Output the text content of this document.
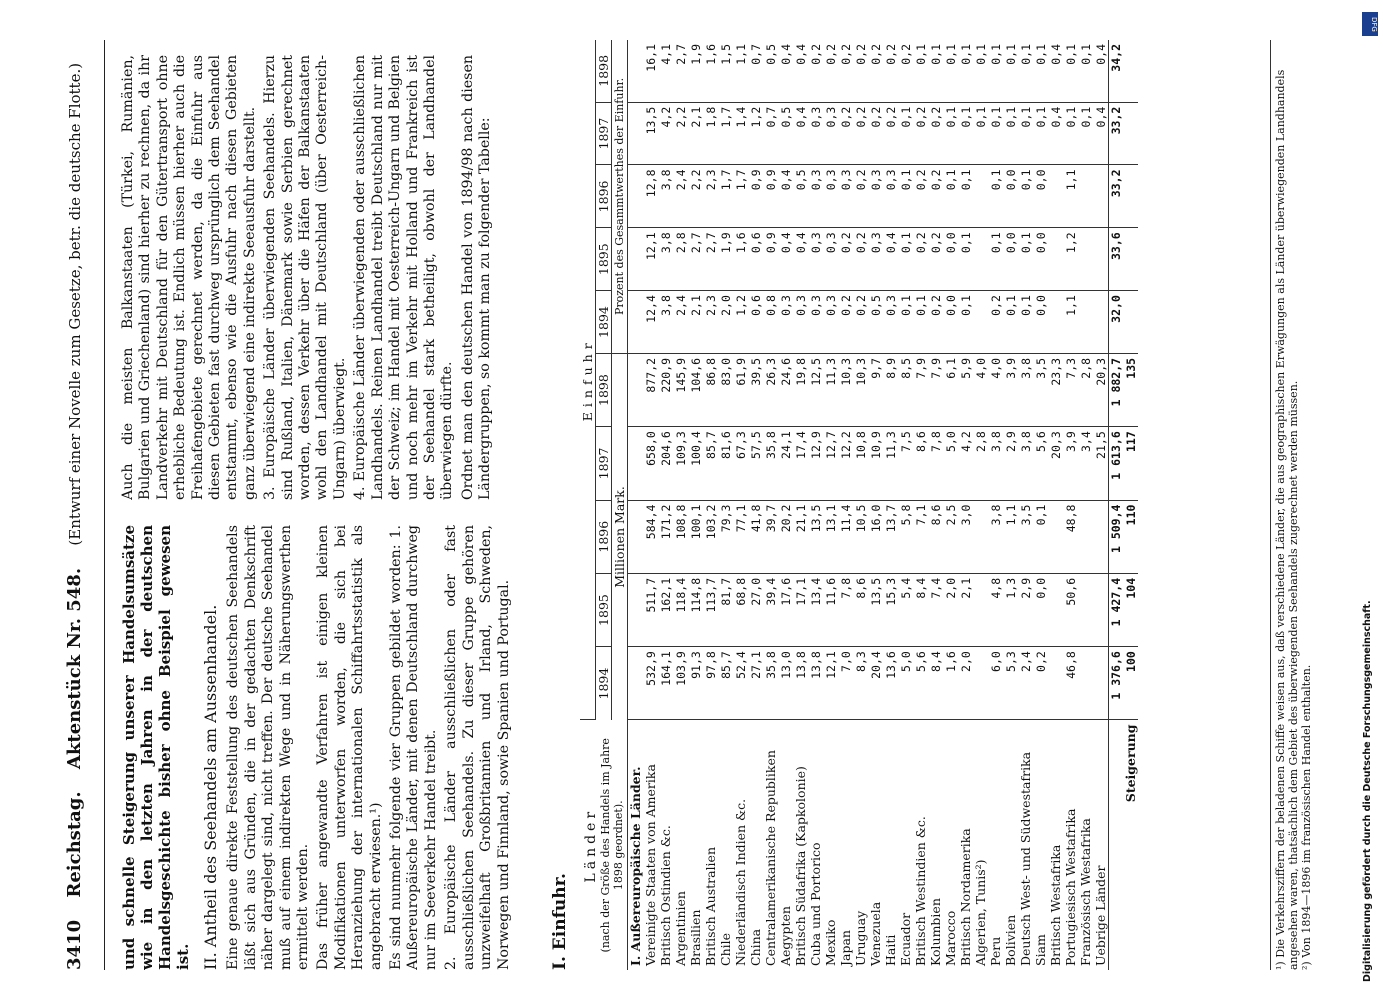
3410 Reichstag. Aktenstück Nr. 548. (Entwurf einer Novelle zum Gesetze, betr. die deutsche Flotte.)

und schnelle Steigerung unserer Handelsumsätze wie in den letzten Jahren in der deutschen Handelsgeschichte bisher ohne Beispiel gewesen ist. II. Antheil des Seehandels am Aussenhandel. Eine genaue direkte Feststellung des deutschen Seehandels läßt sich aus Gründen, die in der gedachten Denkschrift näher dargelegt sind, nicht treffen. Der deutsche Seehandel muß auf einem indirekten Wege und in Näherungswerthen ermittelt werden. Das früher angewandte Verfahren ist einigen kleinen Modifikationen unterworfen worden, die sich bei Heranziehung der internationalen Schiffahrtsstatistik als angebracht erwiesen.¹) Es sind nunmehr folgende vier Gruppen gebildet worden: 1. Außereuropäische Länder, mit denen Deutschland durchweg nur im Seeverkehr Handel treibt. 2. Europäische Länder ausschließlichen oder fast ausschließlichen Seehandels. Zu dieser Gruppe gehören unzweifelhaft Großbritannien und Irland, Schweden, Norwegen und Finnland, sowie Spanien und Portugal.

Auch die meisten Balkanstaaten (Türkei, Rumänien, Bulgarien und Griechenland) sind hierher zu rechnen, da ihr Landverkehr mit Deutschland für den Gütertransport ohne erhebliche Bedeutung ist. Endlich müssen hierher auch die Freihafengebiete gerechnet werden, da die Einfuhr aus diesen Gebieten fast durchweg ursprünglich dem Seehandel entstammt, ebenso wie die Ausfuhr nach diesen Gebieten ganz überwiegend eine indirekte Seeausfuhr darstellt. 3. Europäische Länder überwiegenden Seehandels. Hierzu sind Rußland, Italien, Dänemark sowie Serbien gerechnet worden, dessen Verkehr über die Häfen der Balkanstaaten wohl den Landhandel mit Deutschland (über Oesterreich-Ungarn) überwiegt. 4. Europäische Länder überwiegenden oder ausschließlichen Landhandels. Reinen Landhandel treibt Deutschland nur mit der Schweiz; im Handel mit Oesterreich-Ungarn und Belgien und noch mehr im Verkehr mit Holland und Frankreich ist der Seehandel stark betheiligt, obwohl der Landhandel überwiegen dürfte. Ordnet man den deutschen Handel von 1894/98 nach diesen Ländergruppen, so kommt man zu folgender Tabelle:

I. Einfuhr.
Länder (nach der Größe des Handels im Jahre 1898 geordnet).	Einfuhr									
	1894	1895	1896	1897	1898	1894	1895	1896	1897	1898
	Millionen Mark.					Prozent des Gesammtwerthes der Einfuhr.				
I. Außereuropäische Länder.										
Vereinigte Staaten von Amerika	532,9	511,7	584,4	658,0	877,2	12,4	12,1	12,8	13,5	16,1
Britisch Ostindien &c.	164,1	162,1	171,2	204,6	220,9	3,8	3,8	3,8	4,2	4,1
Argentinien	103,9	118,4	108,8	109,3	145,9	2,4	2,8	2,4	2,2	2,7
Brasilien	91,3	114,8	100,1	100,4	104,6	2,1	2,7	2,2	2,1	1,9
Britisch Australien	97,8	113,7	103,2	85,7	86,8	2,3	2,7	2,3	1,8	1,6
Chile	85,7	81,7	79,3	81,6	83,0	2,0	1,9	1,7	1,7	1,5
Niederländisch Indien &c.	52,4	68,8	77,1	67,3	61,9	1,2	1,6	1,7	1,4	1,1
China	27,1	27,0	41,8	57,5	39,5	0,6	0,6	0,9	1,2	0,7
Centralamerikanische Republiken	35,8	39,4	39,7	35,8	26,3	0,8	0,9	0,9	0,7	0,5
Aegypten	13,0	17,6	20,2	24,1	24,6	0,3	0,4	0,4	0,5	0,4
Britisch Südafrika (Kapkolonie)	13,8	17,1	21,1	17,4	19,8	0,3	0,4	0,5	0,4	0,4
Cuba und Portorico	13,8	13,4	13,5	12,9	12,5	0,3	0,3	0,3	0,3	0,2
Mexiko	12,1	11,6	13,1	12,7	11,3	0,3	0,3	0,3	0,3	0,2
Japan	7,0	7,8	11,4	12,2	10,3	0,2	0,2	0,3	0,2	0,2
Uruguay	8,3	8,6	10,5	10,8	10,3	0,2	0,2	0,2	0,2	0,2
Venezuela	20,4	13,5	16,0	10,9	9,7	0,5	0,3	0,3	0,2	0,2
Haiti	13,6	15,3	13,7	11,3	8,9	0,3	0,4	0,3	0,2	0,2
Ecuador	5,0	5,4	5,8	7,5	8,5	0,1	0,1	0,1	0,1	0,2
Britisch Westindien &c.	5,6	8,4	7,1	8,6	7,9	0,1	0,2	0,2	0,2	0,1
Kolumbien	8,4	7,4	8,6	7,8	7,9	0,2	0,2	0,2	0,2	0,1
Marocco	1,6	2,0	2,5	5,0	6,1	0,0	0,0	0,1	0,1	0,1
Britisch Nordamerika	2,0	2,1	3,0	4,2	5,9	0,1	0,1	0,1	0,1	0,1
Algerien, Tunis²)				2,8	4,0				0,1	0,1
Peru	6,0	4,8	3,8	3,8	4,0	0,2	0,1	0,1	0,1	0,1
Bolivien	5,3	1,3	1,1	2,9	3,9	0,1	0,0	0,0	0,1	0,1
Deutsch West- und Südwestafrika	2,4	2,9	3,5	3,8	3,8	0,1	0,1	0,1	0,1	0,1
Siam	0,2	0,0	0,1	5,6	3,5	0,0	0,0	0,0	0,1	0,1
Britisch Westafrika				20,3	23,3				0,4	0,4
Portugiesisch Westafrika	46,8	50,6	48,8	3,9	7,3	1,1	1,2	1,1	0,1	0,1
Französisch Westafrika				3,4	2,8				0,1	0,1
Uebrige Länder				21,5	20,3				0,4	0,4
	1 376,6	1 427,4	1 509,4	1 613,6	1 882,7	32,0	33,6	33,2	33,2	34,2
Steigerung	100	104	110	117	135						¹) Die Verkehrsziffern der beladenen Schiffe weisen aus, daß verschiedene Länder, die aus geographischen Erwägungen als Länder überwiegenden Landhandels angesehen waren, thatsächlich dem Gebiet des überwiegenden Seehandels zugerechnet werden müssen. ²) Von 1894—1896 im französischen Handel enthalten.
DFG
Digitalisierung gefördert durch die Deutsche Forschungsgemeinschaft.
